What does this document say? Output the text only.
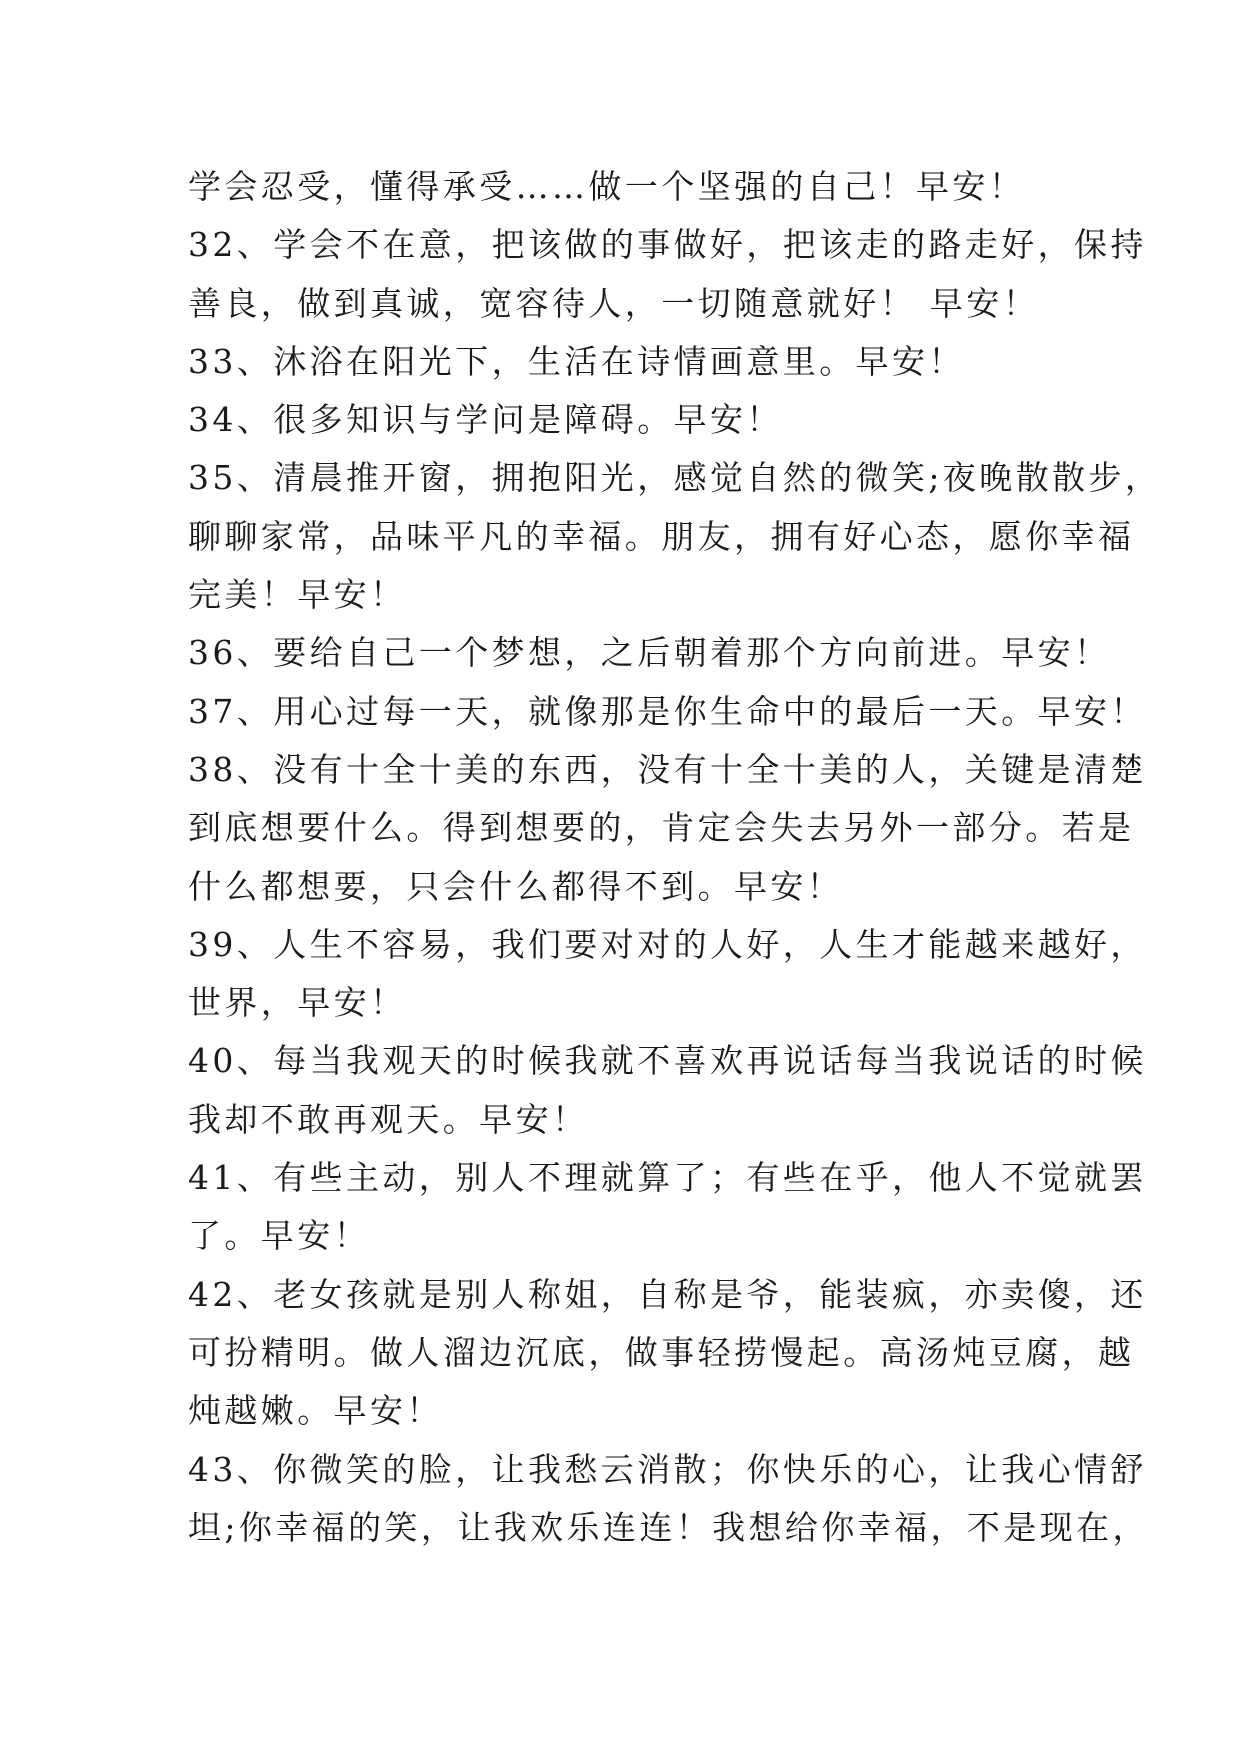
学会忍受，懂得承受……做一个坚强的自己！早安！
32、学会不在意，把该做的事做好，把该走的路走好，保持
善良，做到真诚，宽容待人，一切随意就好！ 早安！
33、沐浴在阳光下，生活在诗情画意里。早安！
34、很多知识与学问是障碍。早安！
35、清晨推开窗，拥抱阳光，感觉自然的微笑;夜晚散散步，
聊聊家常，品味平凡的幸福。朋友，拥有好心态，愿你幸福
完美！早安！
36、要给自己一个梦想，之后朝着那个方向前进。早安！
37、用心过每一天，就像那是你生命中的最后一天。早安！
38、没有十全十美的东西，没有十全十美的人，关键是清楚
到底想要什么。得到想要的，肯定会失去另外一部分。若是
什么都想要，只会什么都得不到。早安！
39、人生不容易，我们要对对的人好，人生才能越来越好，
世界，早安！
40、每当我观天的时候我就不喜欢再说话每当我说话的时候
我却不敢再观天。早安！
41、有些主动，别人不理就算了；有些在乎，他人不觉就罢
了。早安！
42、老女孩就是别人称姐，自称是爷，能装疯，亦卖傻，还
可扮精明。做人溜边沉底，做事轻捞慢起。高汤炖豆腐，越
炖越嫩。早安！
43、你微笑的脸，让我愁云消散；你快乐的心，让我心情舒
坦;你幸福的笑，让我欢乐连连！我想给你幸福，不是现在，
